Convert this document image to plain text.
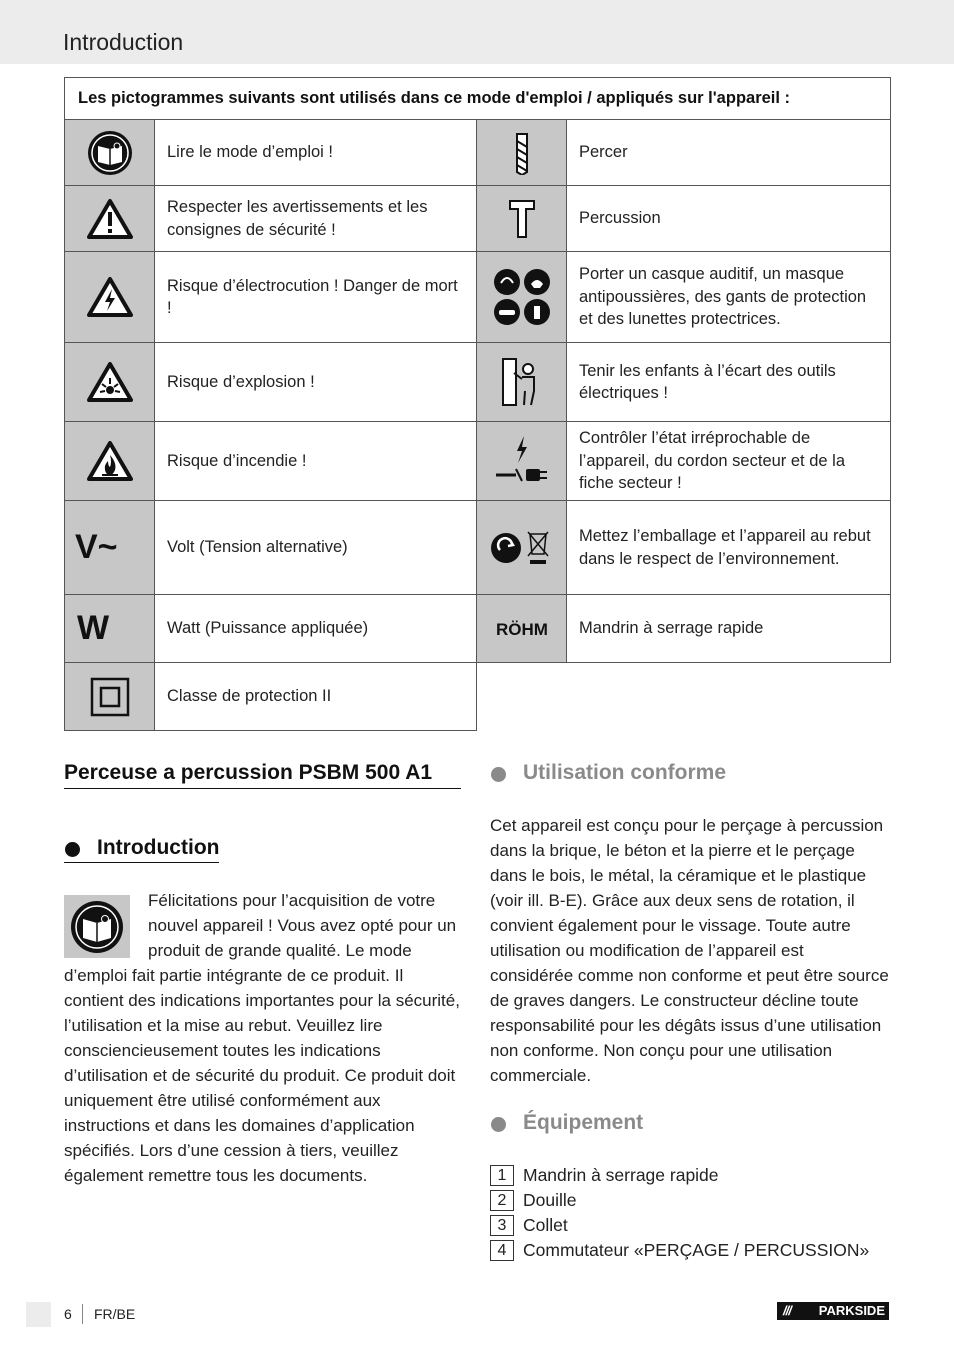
Introduction
Les pictogrammes suivants sont utilisés dans ce mode d'emploi / appliqués sur l'appareil :			

	Lire le mode d’emploi !		Percer

	Respecter les avertissements et les consignes de sécurité !		Percussion

	Risque d’électrocution ! Danger de mort !		Porter un casque auditif, un masque antipoussières, des gants de protection et des lunettes protectrices.

	Risque d’explosion !		Tenir les enfants à l’écart des outils électriques !

	Risque d’incendie !		Contrôler l’état irréprochable de l’appareil, du cordon secteur et de la fiche secteur !

V~	Volt (Tension alternative)		Mettez l’emballage et l’appareil au rebut dans le respect de l’environnement.

W	Watt (Puissance appliquée)	RÖHM	Mandrin à serrage rapide

	Classe de protection II		
Perceuse a percussion PSBM 500 A1
Introduction

Félicitations pour l’acquisition de votre nouvel appareil ! Vous avez opté pour un produit de grande qualité. Le mode d’emploi fait partie intégrante de ce produit. Il contient des indications importantes pour la sécurité, l’utilisation et la mise au rebut. Veuillez lire consciencieusement toutes les indications d’utilisation et de sécurité du produit. Ce produit doit uniquement être utilisé conformément aux instructions et dans les domaines d’application spécifiés. Lors d’une cession à tiers, veuillez également remettre tous les documents.

Utilisation conforme
Cet appareil est conçu pour le perçage à percussion dans la brique, le béton et la pierre et le perçage dans le bois, le métal, la céramique et le plastique (voir ill. B-E). Grâce aux deux sens de rotation, il convient également pour le vissage. Toute autre utilisation ou modification de l’appareil est considérée comme non conforme et peut être source de graves dangers. Le constructeur décline toute responsabilité pour les dégâts issus d’une utilisation non conforme. Non conçu pour une utilisation commerciale.
Équipement
1 Mandrin à serrage rapide
2 Douille
3 Collet
4 Commutateur «PERÇAGE / PERCUSSION»
6 FR/BE	/// PARKSIDE
